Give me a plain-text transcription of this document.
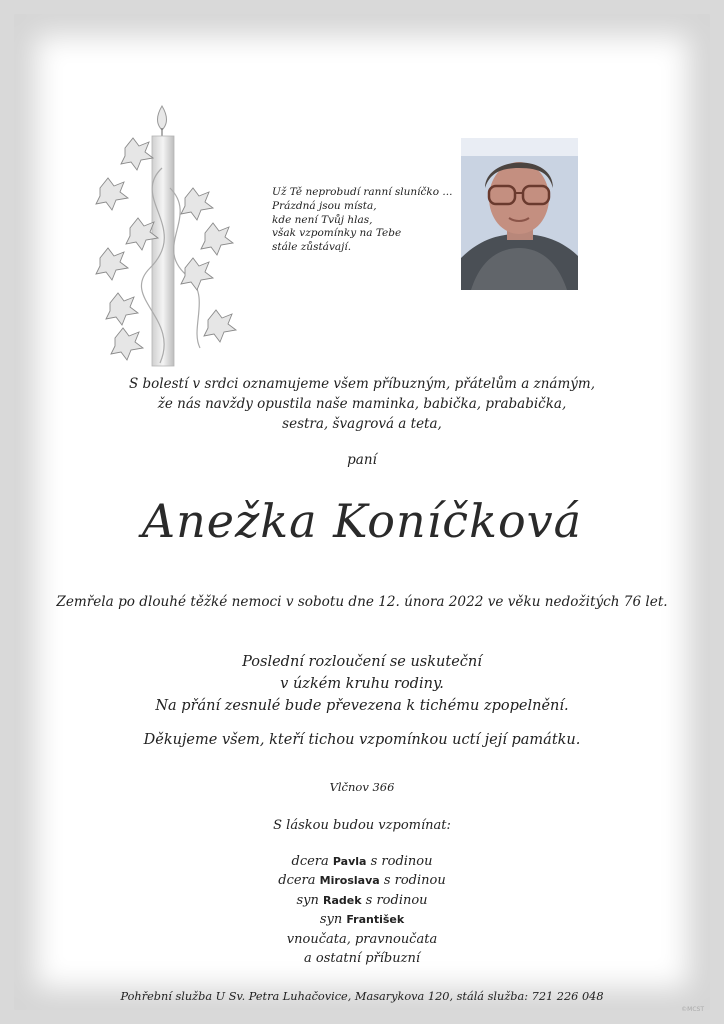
Už Tě neprobudí ranní sluníčko ...
Prázdná jsou místa,
kde není Tvůj hlas,
však vzpomínky na Tebe
stále zůstávají.
S bolestí v srdci oznamujeme všem příbuzným, přátelům a známým,
že nás navždy opustila naše maminka, babička, prababička,
sestra, švagrová a teta,
paní
Anežka Koníčková
Zemřela po dlouhé těžké nemoci v sobotu dne 12. února 2022 ve věku nedožitých 76 let.
Poslední rozloučení se uskuteční
v úzkém kruhu rodiny.
Na přání zesnulé bude převezena k tichému zpopelnění.
Děkujeme všem, kteří tichou vzpomínkou uctí její památku.
Vlčnov 366
S láskou budou vzpomínat:
dcera Pavla s rodinou
dcera Miroslava s rodinou
syn Radek s rodinou
syn František
vnoučata, pravnoučata
a ostatní příbuzní
Pohřební služba U Sv. Petra Luhačovice, Masarykova 120, stálá služba: 721 226 048
©MCST
